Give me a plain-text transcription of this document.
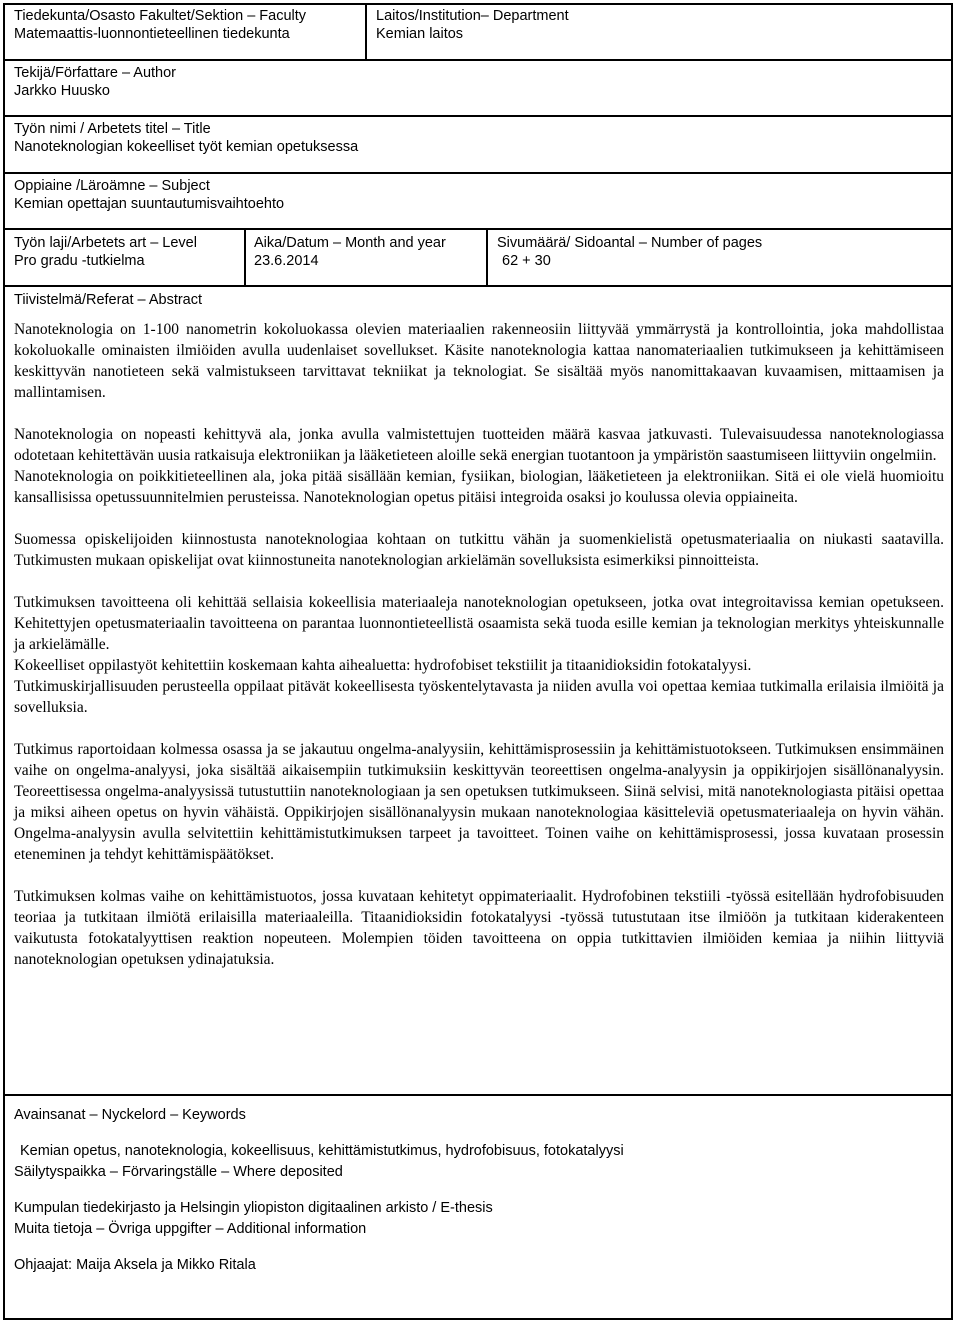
Tiedekunta/Osasto Fakultet/Sektion – Faculty
Matemaattis-luonnontieteellinen tiedekunta
Laitos/Institution– Department
Kemian laitos
Tekijä/Författare – Author
Jarkko Huusko
Työn nimi / Arbetets titel – Title
Nanoteknologian kokeelliset työt kemian opetuksessa
Oppiaine /Läroämne – Subject
Kemian opettajan suuntautumisvaihtoehto
Työn laji/Arbetets art – Level
Pro gradu -tutkielma
Aika/Datum – Month and year
23.6.2014
Sivumäärä/ Sidoantal – Number of pages
62 + 30
Tiivistelmä/Referat – Abstract

Nanoteknologia on 1-100 nanometrin kokoluokassa olevien materiaalien rakenneosiin liittyvää ymmärrystä ja kontrollointia, joka mahdollistaa kokoluokalle ominaisten ilmiöiden avulla uudenlaiset sovellukset. Käsite nanoteknologia kattaa nanomateriaalien tutkimukseen ja kehittämiseen keskittyvän nanotieteen sekä valmistukseen tarvittavat tekniikat ja teknologiat. Se sisältää myös nanomittakaavan kuvaamisen, mittaamisen ja mallintamisen.

Nanoteknologia on nopeasti kehittyvä ala, jonka avulla valmistettujen tuotteiden määrä kasvaa jatkuvasti. Tulevaisuudessa nanoteknologiassa odotetaan kehitettävän uusia ratkaisuja elektroniikan ja lääketieteen aloille sekä energian tuotantoon ja ympäristön saastumiseen liittyviin ongelmiin.

Nanoteknologia on poikkitieteellinen ala, joka pitää sisällään kemian, fysiikan, biologian, lääketieteen ja elektroniikan. Sitä ei ole vielä huomioitu kansallisissa opetussuunnitelmien perusteissa. Nanoteknologian opetus pitäisi integroida osaksi jo koulussa olevia oppiaineita.

Suomessa opiskelijoiden kiinnostusta nanoteknologiaa kohtaan on tutkittu vähän ja suomenkielistä opetusmateriaalia on niukasti saatavilla. Tutkimusten mukaan opiskelijat ovat kiinnostuneita nanoteknologian arkielämän sovelluksista esimerkiksi pinnoitteista.

Tutkimuksen tavoitteena oli kehittää sellaisia kokeellisia materiaaleja nanoteknologian opetukseen, jotka ovat integroitavissa kemian opetukseen. Kehitettyjen opetusmateriaalin tavoitteena on parantaa luonnontieteellistä osaamista sekä tuoda esille kemian ja teknologian merkitys yhteiskunnalle ja arkielämälle.

Kokeelliset oppilastyöt kehitettiin koskemaan kahta aihealuetta: hydrofobiset tekstiilit ja titaanidioksidin fotokatalyysi.

Tutkimuskirjallisuuden perusteella oppilaat pitävät kokeellisesta työskentelytavasta ja niiden avulla voi opettaa kemiaa tutkimalla erilaisia ilmiöitä ja sovelluksia.

Tutkimus raportoidaan kolmessa osassa ja se jakautuu ongelma-analyysiin, kehittämisprosessiin ja kehittämistuotokseen. Tutkimuksen ensimmäinen vaihe on ongelma-analyysi, joka sisältää aikaisempiin tutkimuksiin keskittyvän teoreettisen ongelma-analyysin ja oppikirjojen sisällönanalyysin. Teoreettisessa ongelma-analyysissä tutustuttiin nanoteknologiaan ja sen opetuksen tutkimukseen. Siinä selvisi, mitä nanoteknologiasta pitäisi opettaa ja miksi aiheen opetus on hyvin vähäistä. Oppikirjojen sisällönanalyysin mukaan nanoteknologiaa käsitteleviä opetusmateriaaleja on hyvin vähän. Ongelma-analyysin avulla selvitettiin kehittämistutkimuksen tarpeet ja tavoitteet. Toinen vaihe on kehittämisprosessi, jossa kuvataan prosessin eteneminen ja tehdyt kehittämispäätökset.

Tutkimuksen kolmas vaihe on kehittämistuotos, jossa kuvataan kehitetyt oppimateriaalit. Hydrofobinen tekstiili -työssä esitellään hydrofobisuuden teoriaa ja tutkitaan ilmiötä erilaisilla materiaaleilla. Titaanidioksidin fotokatalyysi -työssä tutustutaan itse ilmiöön ja tutkitaan kiderakenteen vaikutusta fotokatalyyttisen reaktion nopeuteen. Molempien töiden tavoitteena on oppia tutkittavien ilmiöiden kemiaa ja niihin liittyviä nanoteknologian opetuksen ydinajatuksia.

Avainsanat – Nyckelord – Keywords
Kemian opetus, nanoteknologia, kokeellisuus, kehittämistutkimus, hydrofobisuus, fotokatalyysi
Säilytyspaikka – Förvaringställe – Where deposited
Kumpulan tiedekirjasto ja Helsingin yliopiston digitaalinen arkisto / E-thesis
Muita tietoja – Övriga uppgifter – Additional information
Ohjaajat: Maija Aksela ja Mikko Ritala
